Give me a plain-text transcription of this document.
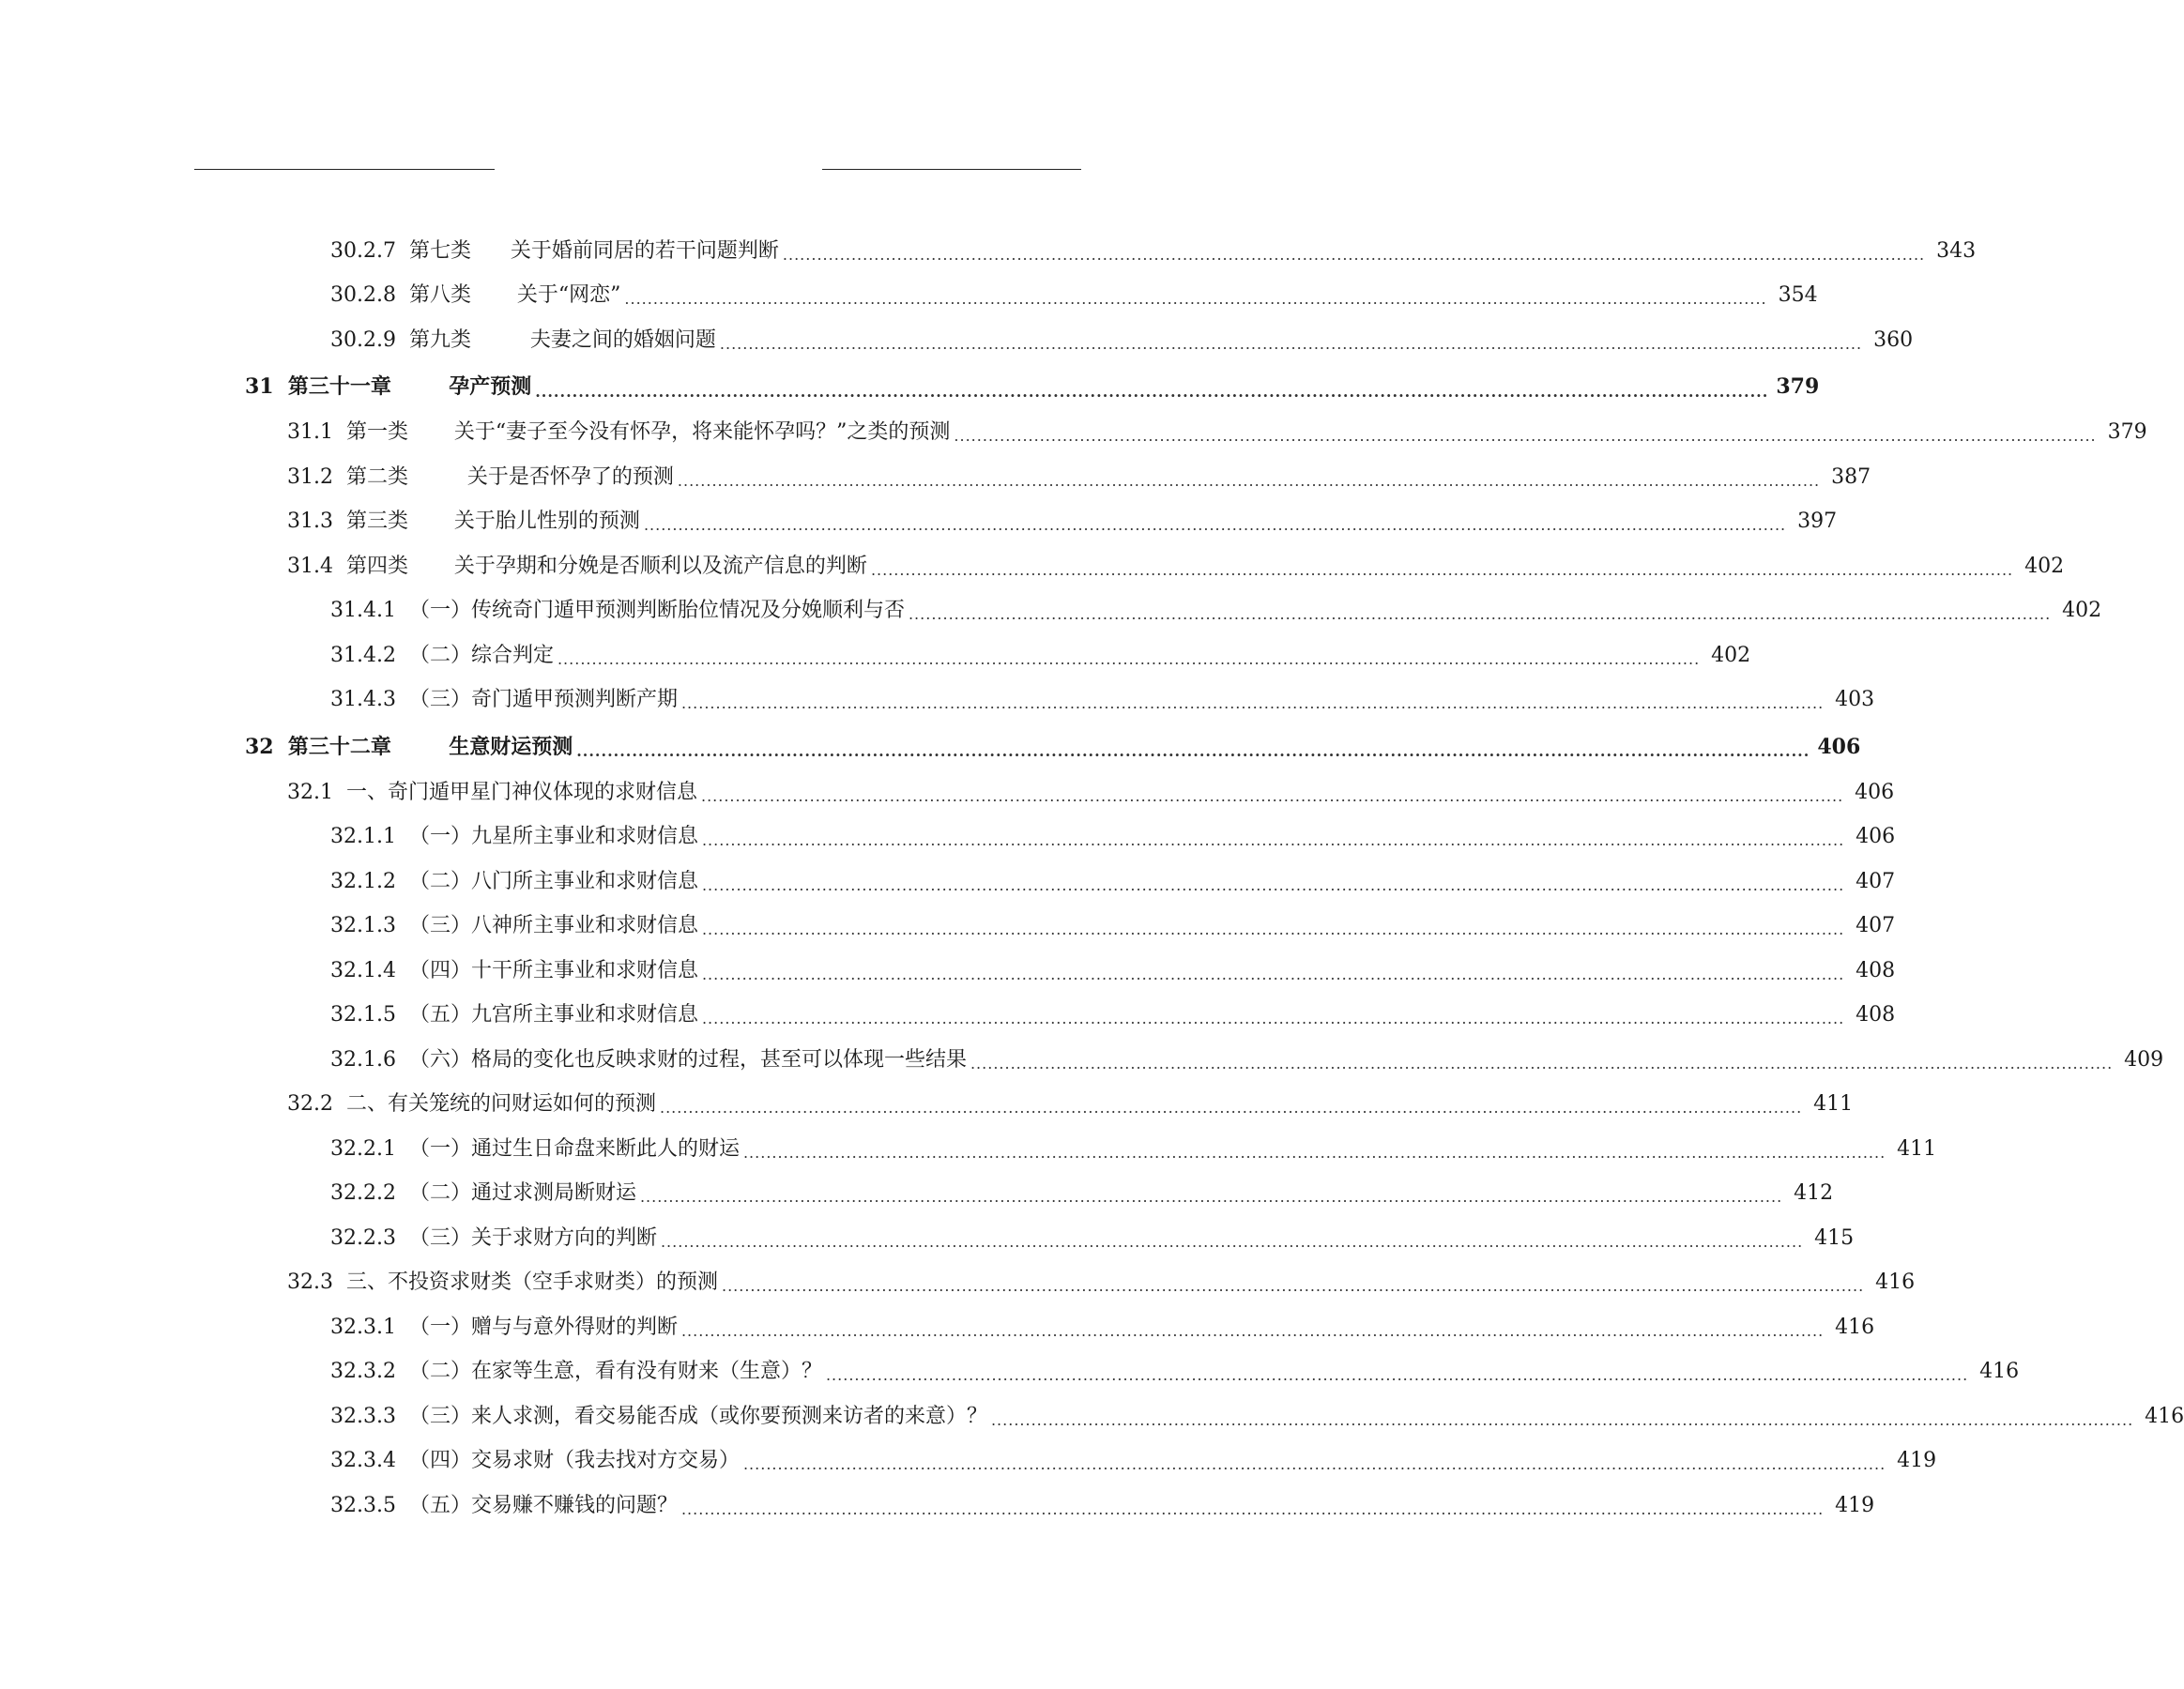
30.2.7  第七类      关于婚前同居的若干问题判断 ........................................................................................................................................................................................................ 343
30.2.8  第八类       关于“网恋” ........................................................................................................................................................................................................ 354
30.2.9  第九类         夫妻之间的婚姻问题 ........................................................................................................................................................................................................ 360
31  第三十一章        孕产预测 ........................................................................................................................................................................................................ 379
31.1  第一类       关于“妻子至今没有怀孕，将来能怀孕吗？”之类的预测 ........................................................................................................................................................................................................ 379
31.2  第二类         关于是否怀孕了的预测 ........................................................................................................................................................................................................ 387
31.3  第三类       关于胎儿性别的预测 ........................................................................................................................................................................................................ 397
31.4  第四类       关于孕期和分娩是否顺利以及流产信息的判断 ........................................................................................................................................................................................................ 402
31.4.1  （一）传统奇门遁甲预测判断胎位情况及分娩顺利与否 ........................................................................................................................................................................................................ 402
31.4.2  （二）综合判定 ........................................................................................................................................................................................................ 402
31.4.3  （三）奇门遁甲预测判断产期 ........................................................................................................................................................................................................ 403
32  第三十二章        生意财运预测 ........................................................................................................................................................................................................ 406
32.1  一、奇门遁甲星门神仪体现的求财信息 ........................................................................................................................................................................................................ 406
32.1.1  （一）九星所主事业和求财信息 ........................................................................................................................................................................................................ 406
32.1.2  （二）八门所主事业和求财信息 ........................................................................................................................................................................................................ 407
32.1.3  （三）八神所主事业和求财信息 ........................................................................................................................................................................................................ 407
32.1.4  （四）十干所主事业和求财信息 ........................................................................................................................................................................................................ 408
32.1.5  （五）九宫所主事业和求财信息 ........................................................................................................................................................................................................ 408
32.1.6  （六）格局的变化也反映求财的过程，甚至可以体现一些结果 ........................................................................................................................................................................................................ 409
32.2  二、有关笼统的问财运如何的预测 ........................................................................................................................................................................................................ 411
32.2.1  （一）通过生日命盘来断此人的财运 ........................................................................................................................................................................................................ 411
32.2.2  （二）通过求测局断财运 ........................................................................................................................................................................................................ 412
32.2.3  （三）关于求财方向的判断 ........................................................................................................................................................................................................ 415
32.3  三、不投资求财类（空手求财类）的预测 ........................................................................................................................................................................................................ 416
32.3.1  （一）赠与与意外得财的判断 ........................................................................................................................................................................................................ 416
32.3.2  （二）在家等生意，看有没有财来（生意）？ ........................................................................................................................................................................................................ 416
32.3.3  （三）来人求测，看交易能否成（或你要预测来访者的来意）？ ........................................................................................................................................................................................................ 416
32.3.4  （四）交易求财（我去找对方交易） ........................................................................................................................................................................................................ 419
32.3.5  （五）交易赚不赚钱的问题？ ........................................................................................................................................................................................................ 419
